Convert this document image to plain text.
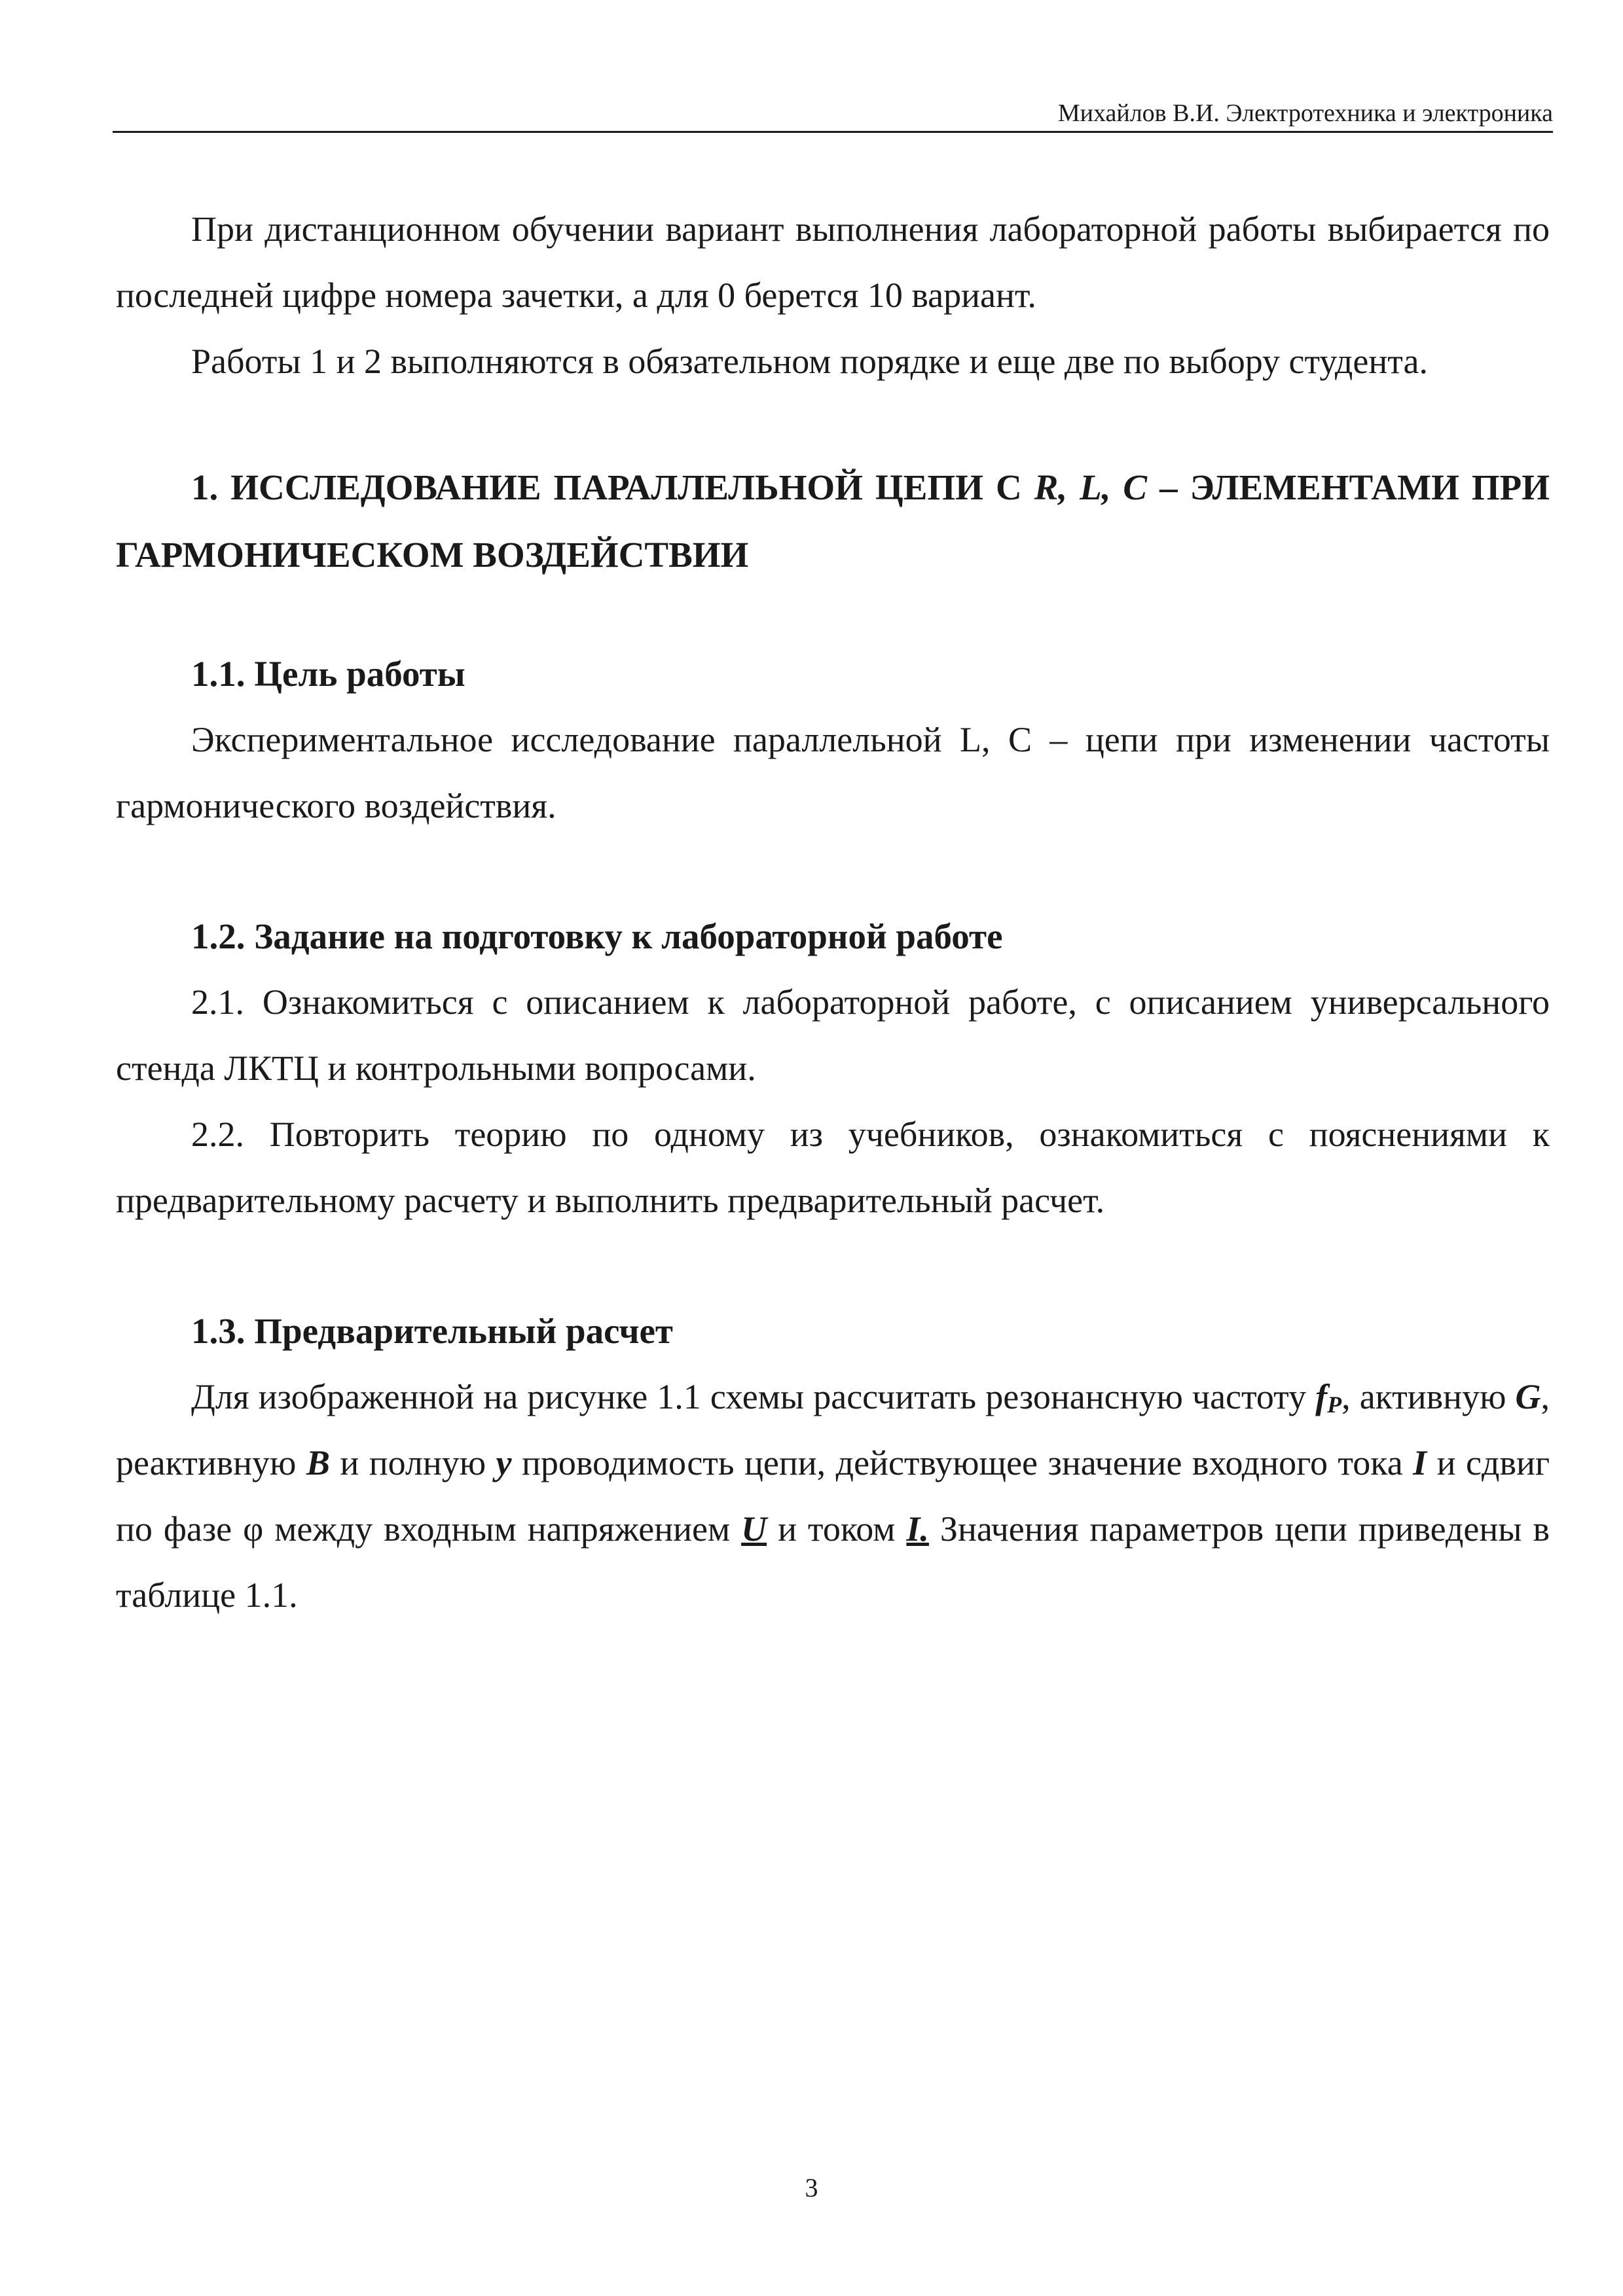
Михайлов В.И. Электротехника и электроника

При дистанционном обучении вариант выполнения лабораторной работы выбирается по последней цифре номера зачетки, а для 0 берется 10 вариант.

Работы 1 и 2 выполняются в обязательном порядке и еще две по выбору студента.

1. ИССЛЕДОВАНИЕ ПАРАЛЛЕЛЬНОЙ ЦЕПИ С R, L, C – ЭЛЕМЕНТАМИ ПРИ ГАРМОНИЧЕСКОМ ВОЗДЕЙСТВИИ
1.1. Цель работы

Экспериментальное исследование параллельной L, C – цепи при изменении частоты гармонического воздействия.

1.2. Задание на подготовку к лабораторной работе

2.1. Ознакомиться с описанием к лабораторной работе, с описанием универсального стенда ЛКТЦ и контрольными вопросами.

2.2. Повторить теорию по одному из учебников, ознакомиться с пояснениями к предварительному расчету и выполнить предварительный расчет.

1.3. Предварительный расчет

Для изображенной на рисунке 1.1 схемы рассчитать резонансную частоту $f_Р$, активную G, реактивную B и полную y проводимость цепи, действующее значение входного тока I и сдвиг по фазе φ между входным напряжением U и током I. Значения параметров цепи приведены в таблице 1.1.

3
